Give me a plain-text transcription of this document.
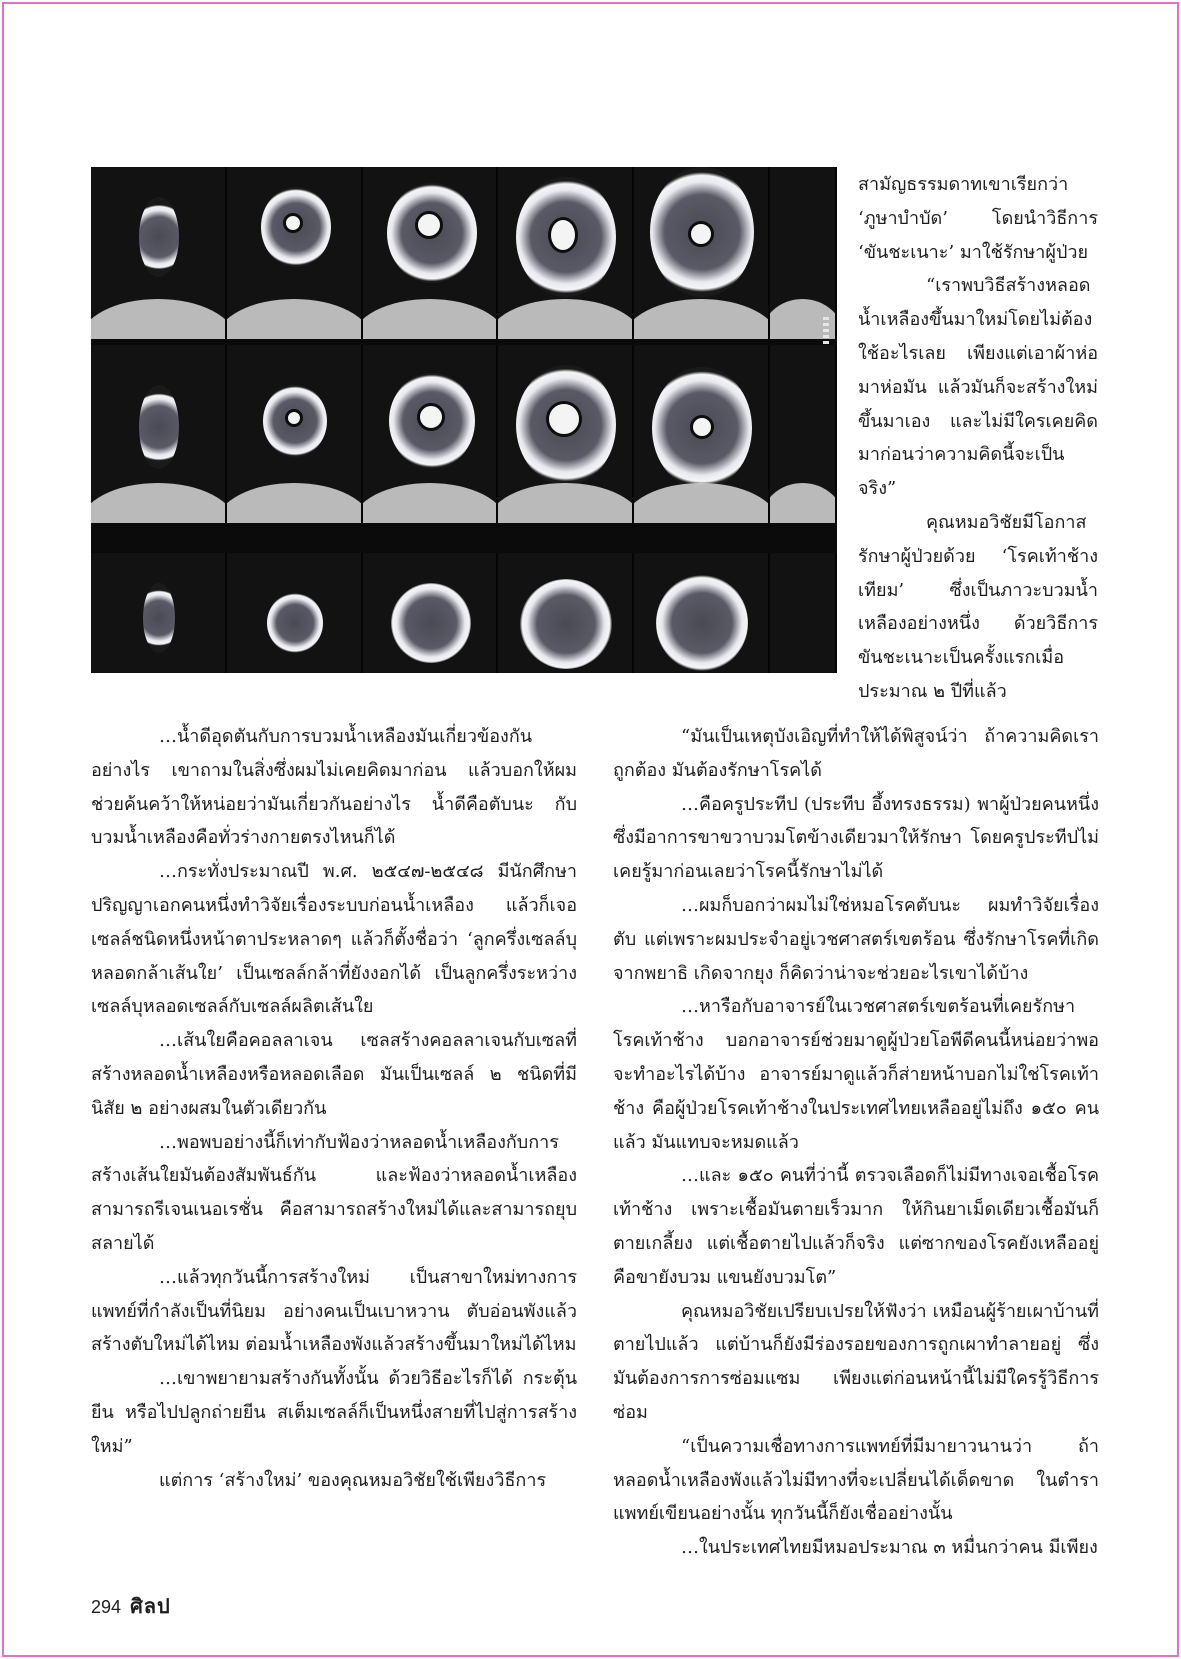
สามัญธรรมดาทเขาเรียกว่า ‘ภูษาบำบัด’ โดยนำวิธีการ ‘ขันชะเนาะ’ มาใช้รักษาผู้ป่วย

“เราพบวิธีสร้างหลอดน้ำเหลืองขึ้นมาใหม่โดยไม่ต้องใช้อะไรเลย เพียงแต่เอาผ้าห่อมาห่อมัน แล้วมันก็จะสร้างใหม่ขึ้นมาเอง และไม่มีใครเคยคิดมาก่อนว่าความคิดนี้จะเป็นจริง”

คุณหมอวิชัยมีโอกาสรักษาผู้ป่วยด้วย ‘โรคเท้าช้างเทียม’ ซึ่งเป็นภาวะบวมน้ำเหลืองอย่างหนึ่ง ด้วยวิธีการขันชะเนาะเป็นครั้งแรกเมื่อประมาณ ๒ ปีที่แล้ว

…น้ำดีอุดตันกับการบวมน้ำเหลืองมันเกี่ยวข้องกันอย่างไร เขาถามในสิ่งซึ่งผมไม่เคยคิดมาก่อน แล้วบอกให้ผมช่วยค้นคว้าให้หน่อยว่ามันเกี่ยวกันอย่างไร น้ำดีคือตับนะ กับบวมน้ำเหลืองคือทั่วร่างกายตรงไหนก็ได้

…กระทั่งประมาณปี พ.ศ. ๒๕๔๗-๒๕๔๘ มีนักศึกษาปริญญาเอกคนหนึ่งทำวิจัยเรื่องระบบก่อนน้ำเหลือง แล้วก็เจอเซลล์ชนิดหนึ่งหน้าตาประหลาดๆ แล้วก็ตั้งชื่อว่า ‘ลูกครึ่งเซลล์บุหลอดกล้าเส้นใย’ เป็นเซลล์กล้าที่ยังงอกได้ เป็นลูกครึ่งระหว่างเซลล์บุหลอดเซลล์กับเซลล์ผลิตเส้นใย

…เส้นใยคือคอลลาเจน เซลสร้างคอลลาเจนกับเซลที่สร้างหลอดน้ำเหลืองหรือหลอดเลือด มันเป็นเซลล์ ๒ ชนิดที่มีนิสัย ๒ อย่างผสมในตัวเดียวกัน

…พอพบอย่างนี้ก็เท่ากับฟ้องว่าหลอดน้ำเหลืองกับการสร้างเส้นใยมันต้องสัมพันธ์กัน และฟ้องว่าหลอดน้ำเหลืองสามารถรีเจนเนอเรชั่น คือสามารถสร้างใหม่ได้และสามารถยุบสลายได้

…แล้วทุกวันนี้การสร้างใหม่ เป็นสาขาใหม่ทางการแพทย์ที่กำลังเป็นที่นิยม อย่างคนเป็นเบาหวาน ตับอ่อนพังแล้วสร้างตับใหม่ได้ไหม ต่อมน้ำเหลืองพังแล้วสร้างขึ้นมาใหม่ได้ไหม

…เขาพยายามสร้างกันทั้งนั้น ด้วยวิธีอะไรก็ได้ กระตุ้นยีน หรือไปปลูกถ่ายยีน สเต็มเซลล์ก็เป็นหนึ่งสายที่ไปสู่การสร้างใหม่”

แต่การ ‘สร้างใหม่’ ของคุณหมอวิชัยใช้เพียงวิธีการ

“มันเป็นเหตุบังเอิญที่ทำให้ได้พิสูจน์ว่า ถ้าความคิดเราถูกต้อง มันต้องรักษาโรคได้

…คือครูประทีป (ประทีบ อึ้งทรงธรรม) พาผู้ป่วยคนหนึ่งซึ่งมีอาการขาขวาบวมโตข้างเดียวมาให้รักษา โดยครูประทีปไม่เคยรู้มาก่อนเลยว่าโรคนี้รักษาไม่ได้

…ผมก็บอกว่าผมไม่ใช่หมอโรคตับนะ ผมทำวิจัยเรื่องตับ แต่เพราะผมประจำอยู่เวชศาสตร์เขตร้อน ซึ่งรักษาโรคที่เกิดจากพยาธิ เกิดจากยุง ก็คิดว่าน่าจะช่วยอะไรเขาได้บ้าง

…หารือกับอาจารย์ในเวชศาสตร์เขตร้อนที่เคยรักษาโรคเท้าช้าง บอกอาจารย์ช่วยมาดูผู้ป่วยโอพีดีคนนี้หน่อยว่าพอจะทำอะไรได้บ้าง อาจารย์มาดูแล้วก็ส่ายหน้าบอกไม่ใช่โรคเท้าช้าง คือผู้ป่วยโรคเท้าช้างในประเทศไทยเหลืออยู่ไม่ถึง ๑๕๐ คนแล้ว มันแทบจะหมดแล้ว

…และ ๑๕๐ คนที่ว่านี้ ตรวจเลือดก็ไม่มีทางเจอเชื้อโรคเท้าช้าง เพราะเชื้อมันตายเร็วมาก ให้กินยาเม็ดเดียวเชื้อมันก็ตายเกลี้ยง แต่เชื้อตายไปแล้วก็จริง แต่ซากของโรคยังเหลืออยู่ คือขายังบวม แขนยังบวมโต”

คุณหมอวิชัยเปรียบเปรยให้ฟังว่า เหมือนผู้ร้ายเผาบ้านที่ตายไปแล้ว แต่บ้านก็ยังมีร่องรอยของการถูกเผาทำลายอยู่ ซึ่งมันต้องการการซ่อมแซม เพียงแต่ก่อนหน้านี้ไม่มีใครรู้วิธีการซ่อม

“เป็นความเชื่อทางการแพทย์ที่มีมายาวนานว่า ถ้าหลอดน้ำเหลืองพังแล้วไม่มีทางที่จะเปลี่ยนได้เด็ดขาด ในตำราแพทย์เขียนอย่างนั้น ทุกวันนี้ก็ยังเชื่ออย่างนั้น

…ในประเทศไทยมีหมอประมาณ ๓ หมื่นกว่าคน มีเพียง

294 ศิลป
